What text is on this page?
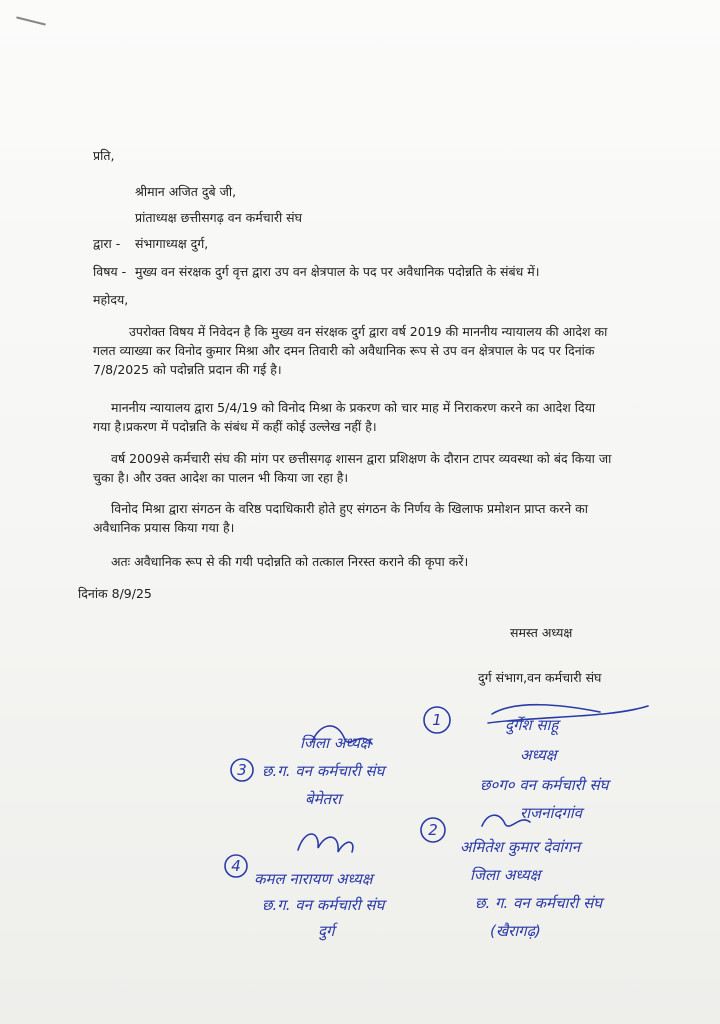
प्रति,
श्रीमान अजित दुबे जी,
प्रांताध्यक्ष छत्तीसगढ़ वन कर्मचारी संघ
द्वारा - संभागाध्यक्ष दुर्ग,
विषय - मुख्य वन संरक्षक दुर्ग वृत्त द्वारा उप वन क्षेत्रपाल के पद पर अवैधानिक पदोन्नति के संबंध में।
महोदय,
उपरोक्त विषय में निवेदन है कि मुख्य वन संरक्षक दुर्ग द्वारा वर्ष 2019 की माननीय न्यायालय की आदेश का
गलत व्याख्या कर विनोद कुमार मिश्रा और दमन तिवारी को अवैधानिक रूप से उप वन क्षेत्रपाल के पद पर दिनांक
7/8/2025 को पदोन्नति प्रदान की गई है।
माननीय न्यायालय द्वारा 5/4/19 को विनोद मिश्रा के प्रकरण को चार माह में निराकरण करने का आदेश दिया
गया है।प्रकरण में पदोन्नति के संबंध में कहीं कोई उल्लेख नहीं है।
वर्ष 2009से कर्मचारी संघ की मांग पर छत्तीसगढ़ शासन द्वारा प्रशिक्षण के दौरान टापर व्यवस्था को बंद किया जा
चुका है। और उक्त आदेश का पालन भी किया जा रहा है।
विनोद मिश्रा द्वारा संगठन के वरिष्ठ पदाधिकारी होते हुए संगठन के निर्णय के खिलाफ प्रमोशन प्राप्त करने का
अवैधानिक प्रयास किया गया है।
अतः अवैधानिक रूप से की गयी पदोन्नति को तत्काल निरस्त कराने की कृपा करें।
दिनांक 8/9/25
समस्त अध्यक्ष
दुर्ग संभाग,वन कर्मचारी संघ
1	दुर्गेश साहू
अध्यक्ष
छ०ग० वन कर्मचारी संघ
राजनांदगांव
3
जिला अध्यक्ष
छ.ग. वन कर्मचारी संघ
बेमेतरा
2
अमितेश कुमार देवांगन
जिला अध्यक्ष
छ. ग. वन कर्मचारी संघ
(खैरागढ़)
4
कमल नारायण अध्यक्ष
छ.ग. वन कर्मचारी संघ
दुर्ग
